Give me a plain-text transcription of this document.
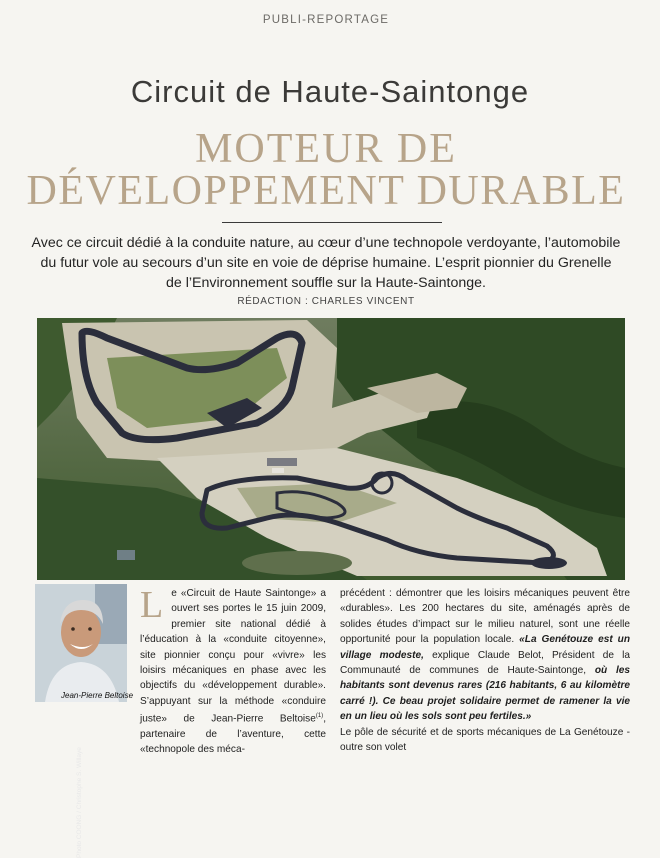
PUBLI-REPORTAGE
Circuit de Haute-Saintonge
MOTEUR DE
DÉVELOPPEMENT DURABLE
Avec ce circuit dédié à la conduite nature, au cœur d’une technopole verdoyante, l’automobile
du futur vole au secours d’un site en voie de déprise humaine. L’esprit pionnier du Grenelle
de l’Environnement souffle sur la Haute-Saintonge.
RÉDACTION : CHARLES VINCENT
Photo COONG / Christophe S. Willaye
Jean-Pierre Beltoise
Le «Circuit de Haute Saintonge» a ouvert ses portes le 15 juin 2009, premier site national dédié à l’éducation à la «conduite citoyenne», site pionnier conçu pour «vivre» les loisirs mécaniques en phase avec les objectifs du «développement durable». S’appuyant sur la méthode «conduire juste» de Jean-Pierre Beltoise$^{(1)}$, partenaire de l’aventure, cette «technopole des méca-
précédent : démontrer que les loisirs mécaniques peuvent être «durables». Les 200 hectares du site, aménagés après de solides études d’impact sur le milieu naturel, sont une réelle opportunité pour la population locale. «La Genétouze est un village modeste, explique Claude Belot, Président de la Communauté de communes de Haute-Saintonge, où les habitants sont devenus rares (216 habitants, 6 au kilomètre carré !). Ce beau projet solidaire permet de ramener la vie en un lieu où les sols sont peu fertiles.»
Le pôle de sécurité et de sports mécaniques de La Genétouze - outre son volet
